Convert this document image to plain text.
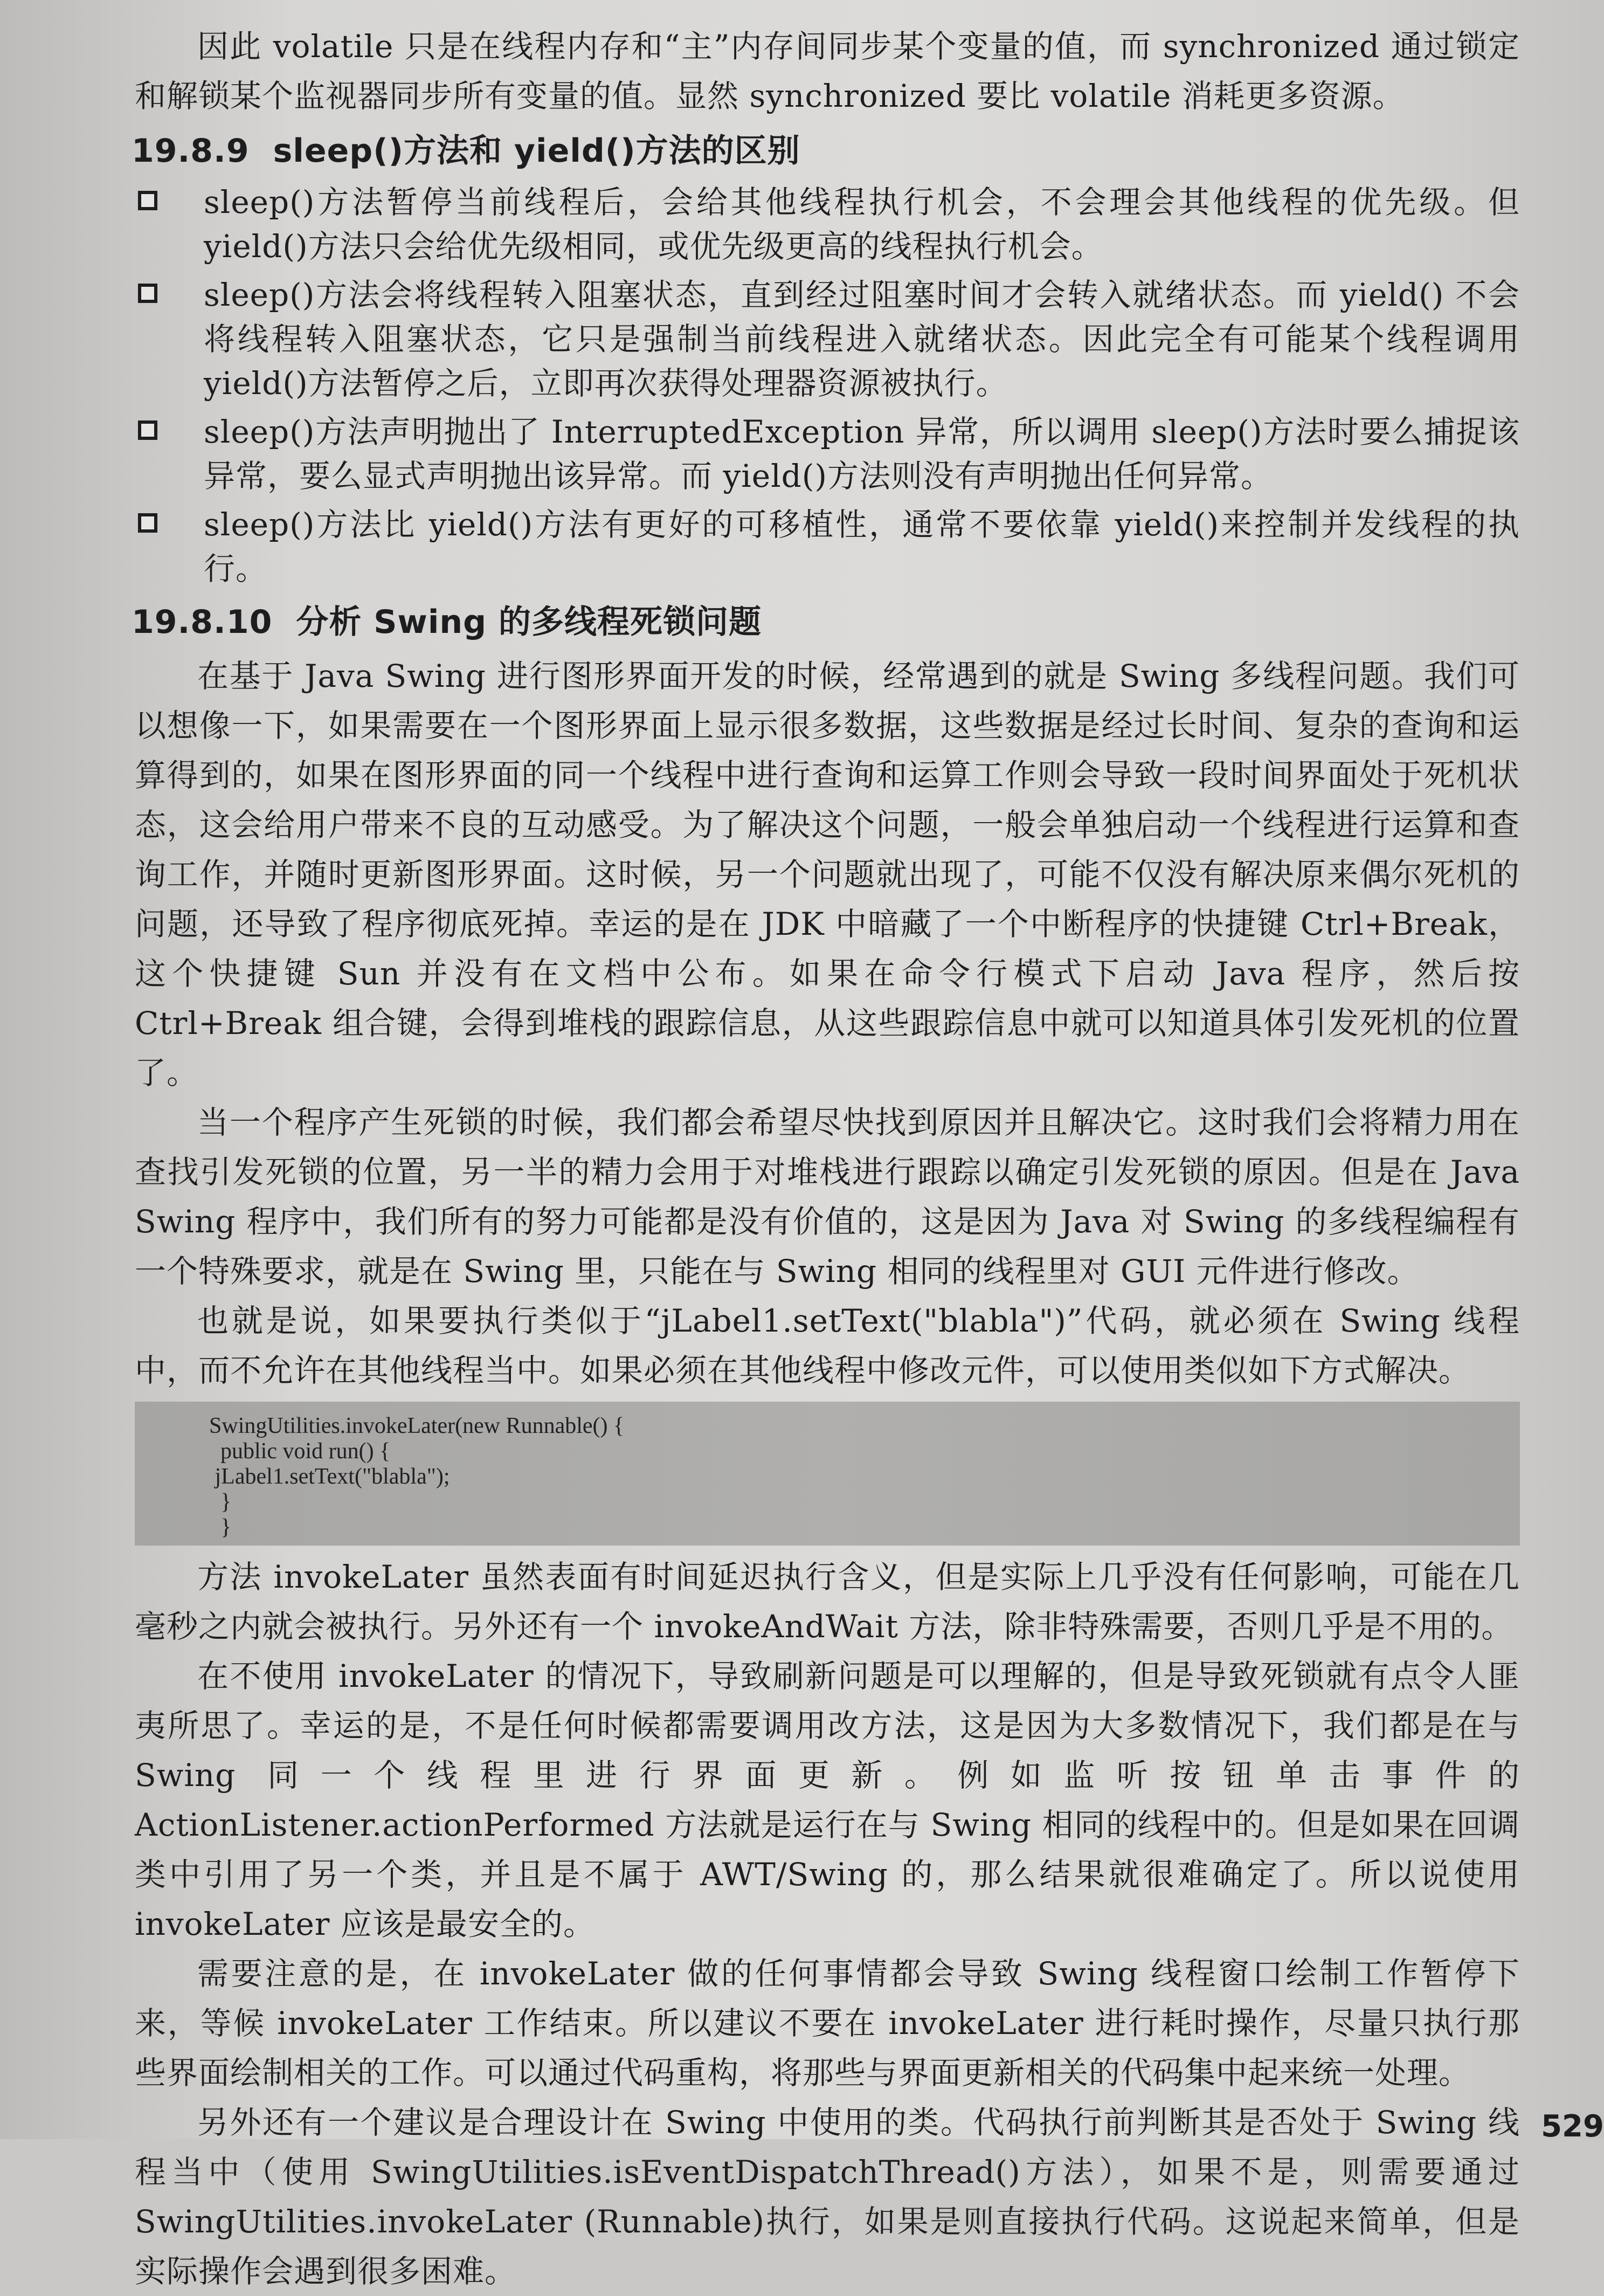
因此 volatile 只是在线程内存和“主”内存间同步某个变量的值，而 synchronized 通过锁定和解锁某个监视器同步所有变量的值。显然 synchronized 要比 volatile 消耗更多资源。

19.8.9 sleep()方法和 yield()方法的区别
sleep()方法暂停当前线程后，会给其他线程执行机会，不会理会其他线程的优先级。但 yield()方法只会给优先级相同，或优先级更高的线程执行机会。
sleep()方法会将线程转入阻塞状态，直到经过阻塞时间才会转入就绪状态。而 yield() 不会将线程转入阻塞状态，它只是强制当前线程进入就绪状态。因此完全有可能某个线程调用 yield()方法暂停之后，立即再次获得处理器资源被执行。
sleep()方法声明抛出了 InterruptedException 异常，所以调用 sleep()方法时要么捕捉该异常，要么显式声明抛出该异常。而 yield()方法则没有声明抛出任何异常。
sleep()方法比 yield()方法有更好的可移植性，通常不要依靠 yield()来控制并发线程的执行。
19.8.10 分析 Swing 的多线程死锁问题

在基于 Java Swing 进行图形界面开发的时候，经常遇到的就是 Swing 多线程问题。我们可以想像一下，如果需要在一个图形界面上显示很多数据，这些数据是经过长时间、复杂的查询和运算得到的，如果在图形界面的同一个线程中进行查询和运算工作则会导致一段时间界面处于死机状态，这会给用户带来不良的互动感受。为了解决这个问题，一般会单独启动一个线程进行运算和查询工作，并随时更新图形界面。这时候，另一个问题就出现了，可能不仅没有解决原来偶尔死机的问题，还导致了程序彻底死掉。幸运的是在 JDK 中暗藏了一个中断程序的快捷键 Ctrl+Break，这个快捷键 Sun 并没有在文档中公布。如果在命令行模式下启动 Java 程序，然后按 Ctrl+Break 组合键，会得到堆栈的跟踪信息，从这些跟踪信息中就可以知道具体引发死机的位置了。

当一个程序产生死锁的时候，我们都会希望尽快找到原因并且解决它。这时我们会将精力用在查找引发死锁的位置，另一半的精力会用于对堆栈进行跟踪以确定引发死锁的原因。但是在 Java Swing 程序中，我们所有的努力可能都是没有价值的，这是因为 Java 对 Swing 的多线程编程有一个特殊要求，就是在 Swing 里，只能在与 Swing 相同的线程里对 GUI 元件进行修改。

也就是说，如果要执行类似于“jLabel1.setText("blabla")”代码，就必须在 Swing 线程中，而不允许在其他线程当中。如果必须在其他线程中修改元件，可以使用类似如下方式解决。

SwingUtilities.invokeLater(new Runnable() {
public void run() {
jLabel1.setText("blabla");
}
}

方法 invokeLater 虽然表面有时间延迟执行含义，但是实际上几乎没有任何影响，可能在几毫秒之内就会被执行。另外还有一个 invokeAndWait 方法，除非特殊需要，否则几乎是不用的。

在不使用 invokeLater 的情况下，导致刷新问题是可以理解的，但是导致死锁就有点令人匪夷所思了。幸运的是，不是任何时候都需要调用改方法，这是因为大多数情况下，我们都是在与 Swing 同一个线程里进行界面更新。例如监听按钮单击事件的 ActionListener.actionPerformed 方法就是运行在与 Swing 相同的线程中的。但是如果在回调类中引用了另一个类，并且是不属于 AWT/Swing 的，那么结果就很难确定了。所以说使用 invokeLater 应该是最安全的。

需要注意的是，在 invokeLater 做的任何事情都会导致 Swing 线程窗口绘制工作暂停下来，等候 invokeLater 工作结束。所以建议不要在 invokeLater 进行耗时操作，尽量只执行那些界面绘制相关的工作。可以通过代码重构，将那些与界面更新相关的代码集中起来统一处理。

另外还有一个建议是合理设计在 Swing 中使用的类。代码执行前判断其是否处于 Swing 线程当中（使用 SwingUtilities.isEventDispatchThread()方法），如果不是，则需要通过 SwingUtilities.invokeLater (Runnable)执行，如果是则直接执行代码。这说起来简单，但是实际操作会遇到很多困难。

529
